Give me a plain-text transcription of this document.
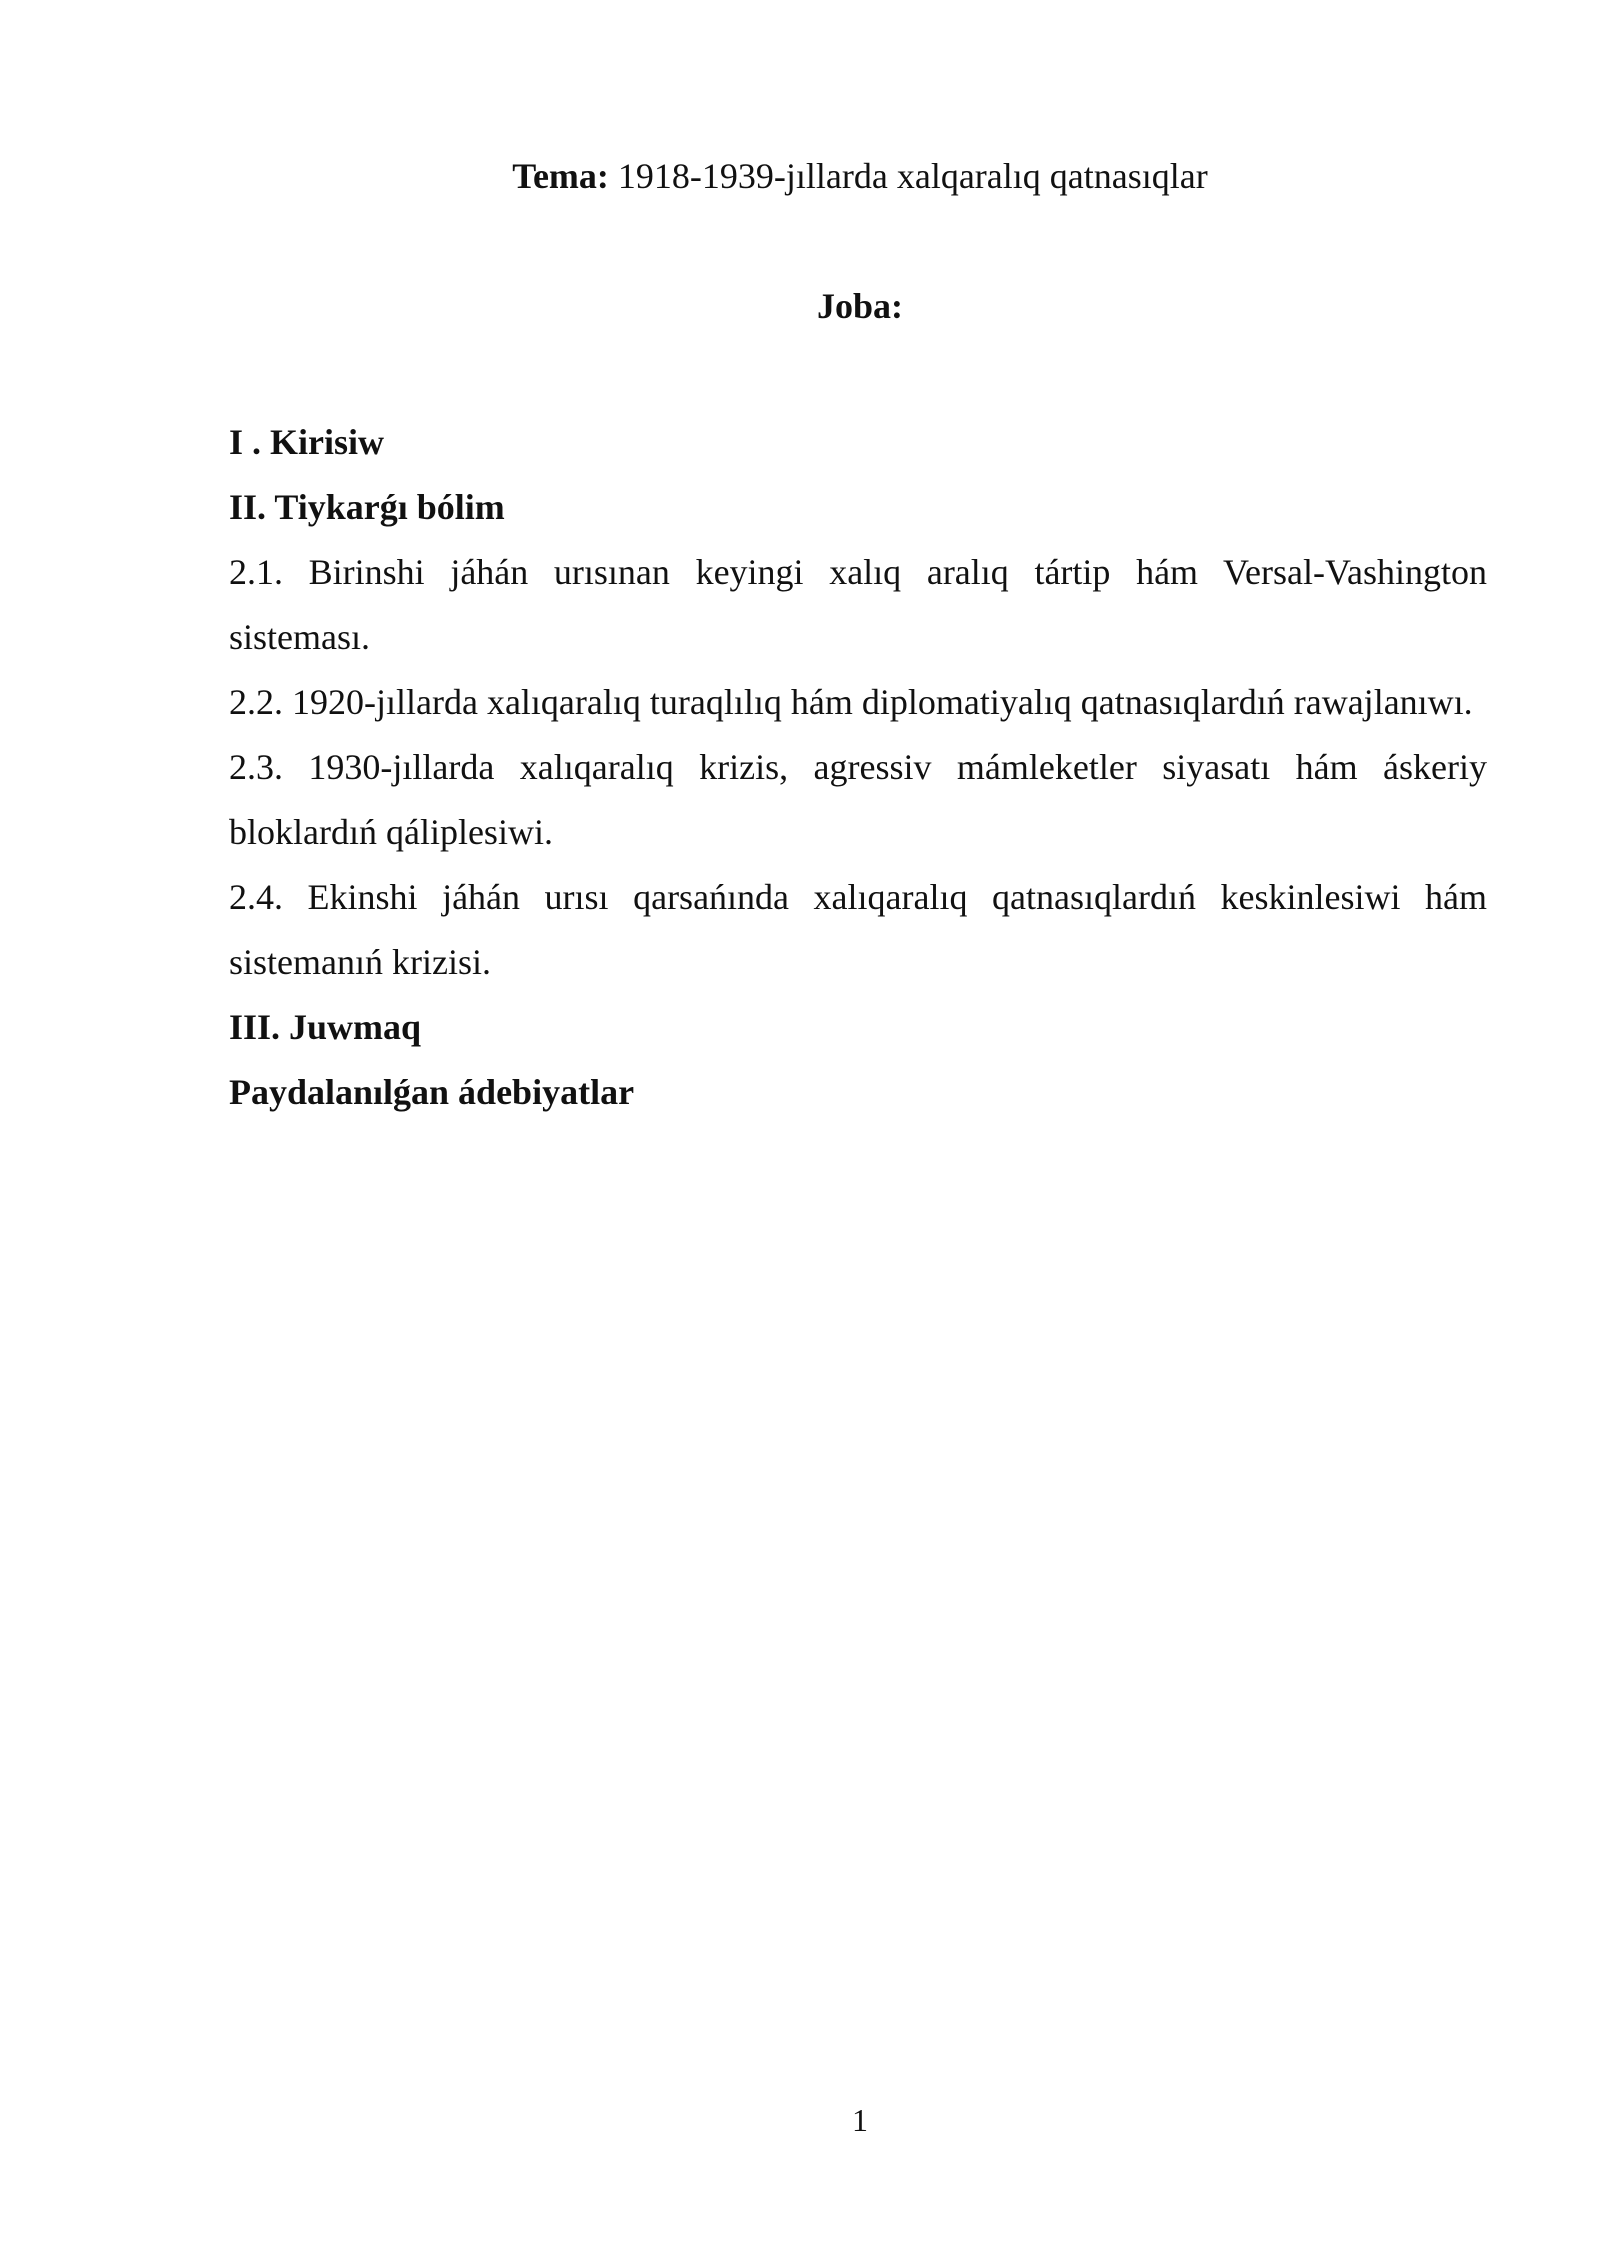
Tema: 1918-1939-jıllarda xalqaralıq qatnasıqlar
Joba:

I . Kirisiw

II. Tiykarǵı bólim

2.1. Birinshi jáhán urısınan keyingi xalıq aralıq tártip hám Versal-Vashington sisteması.

2.2. 1920-jıllarda xalıqaralıq turaqlılıq hám diplomatiyalıq qatnasıqlardıń rawajlanıwı.

2.3. 1930-jıllarda xalıqaralıq krizis, agressiv mámleketler siyasatı hám áskeriy bloklardıń qáliplesiwi.

2.4. Ekinshi jáhán urısı qarsańında xalıqaralıq qatnasıqlardıń keskinlesiwi hám sistemanıń krizisi.

III. Juwmaq

Paydalanılǵan ádebiyatlar

1
